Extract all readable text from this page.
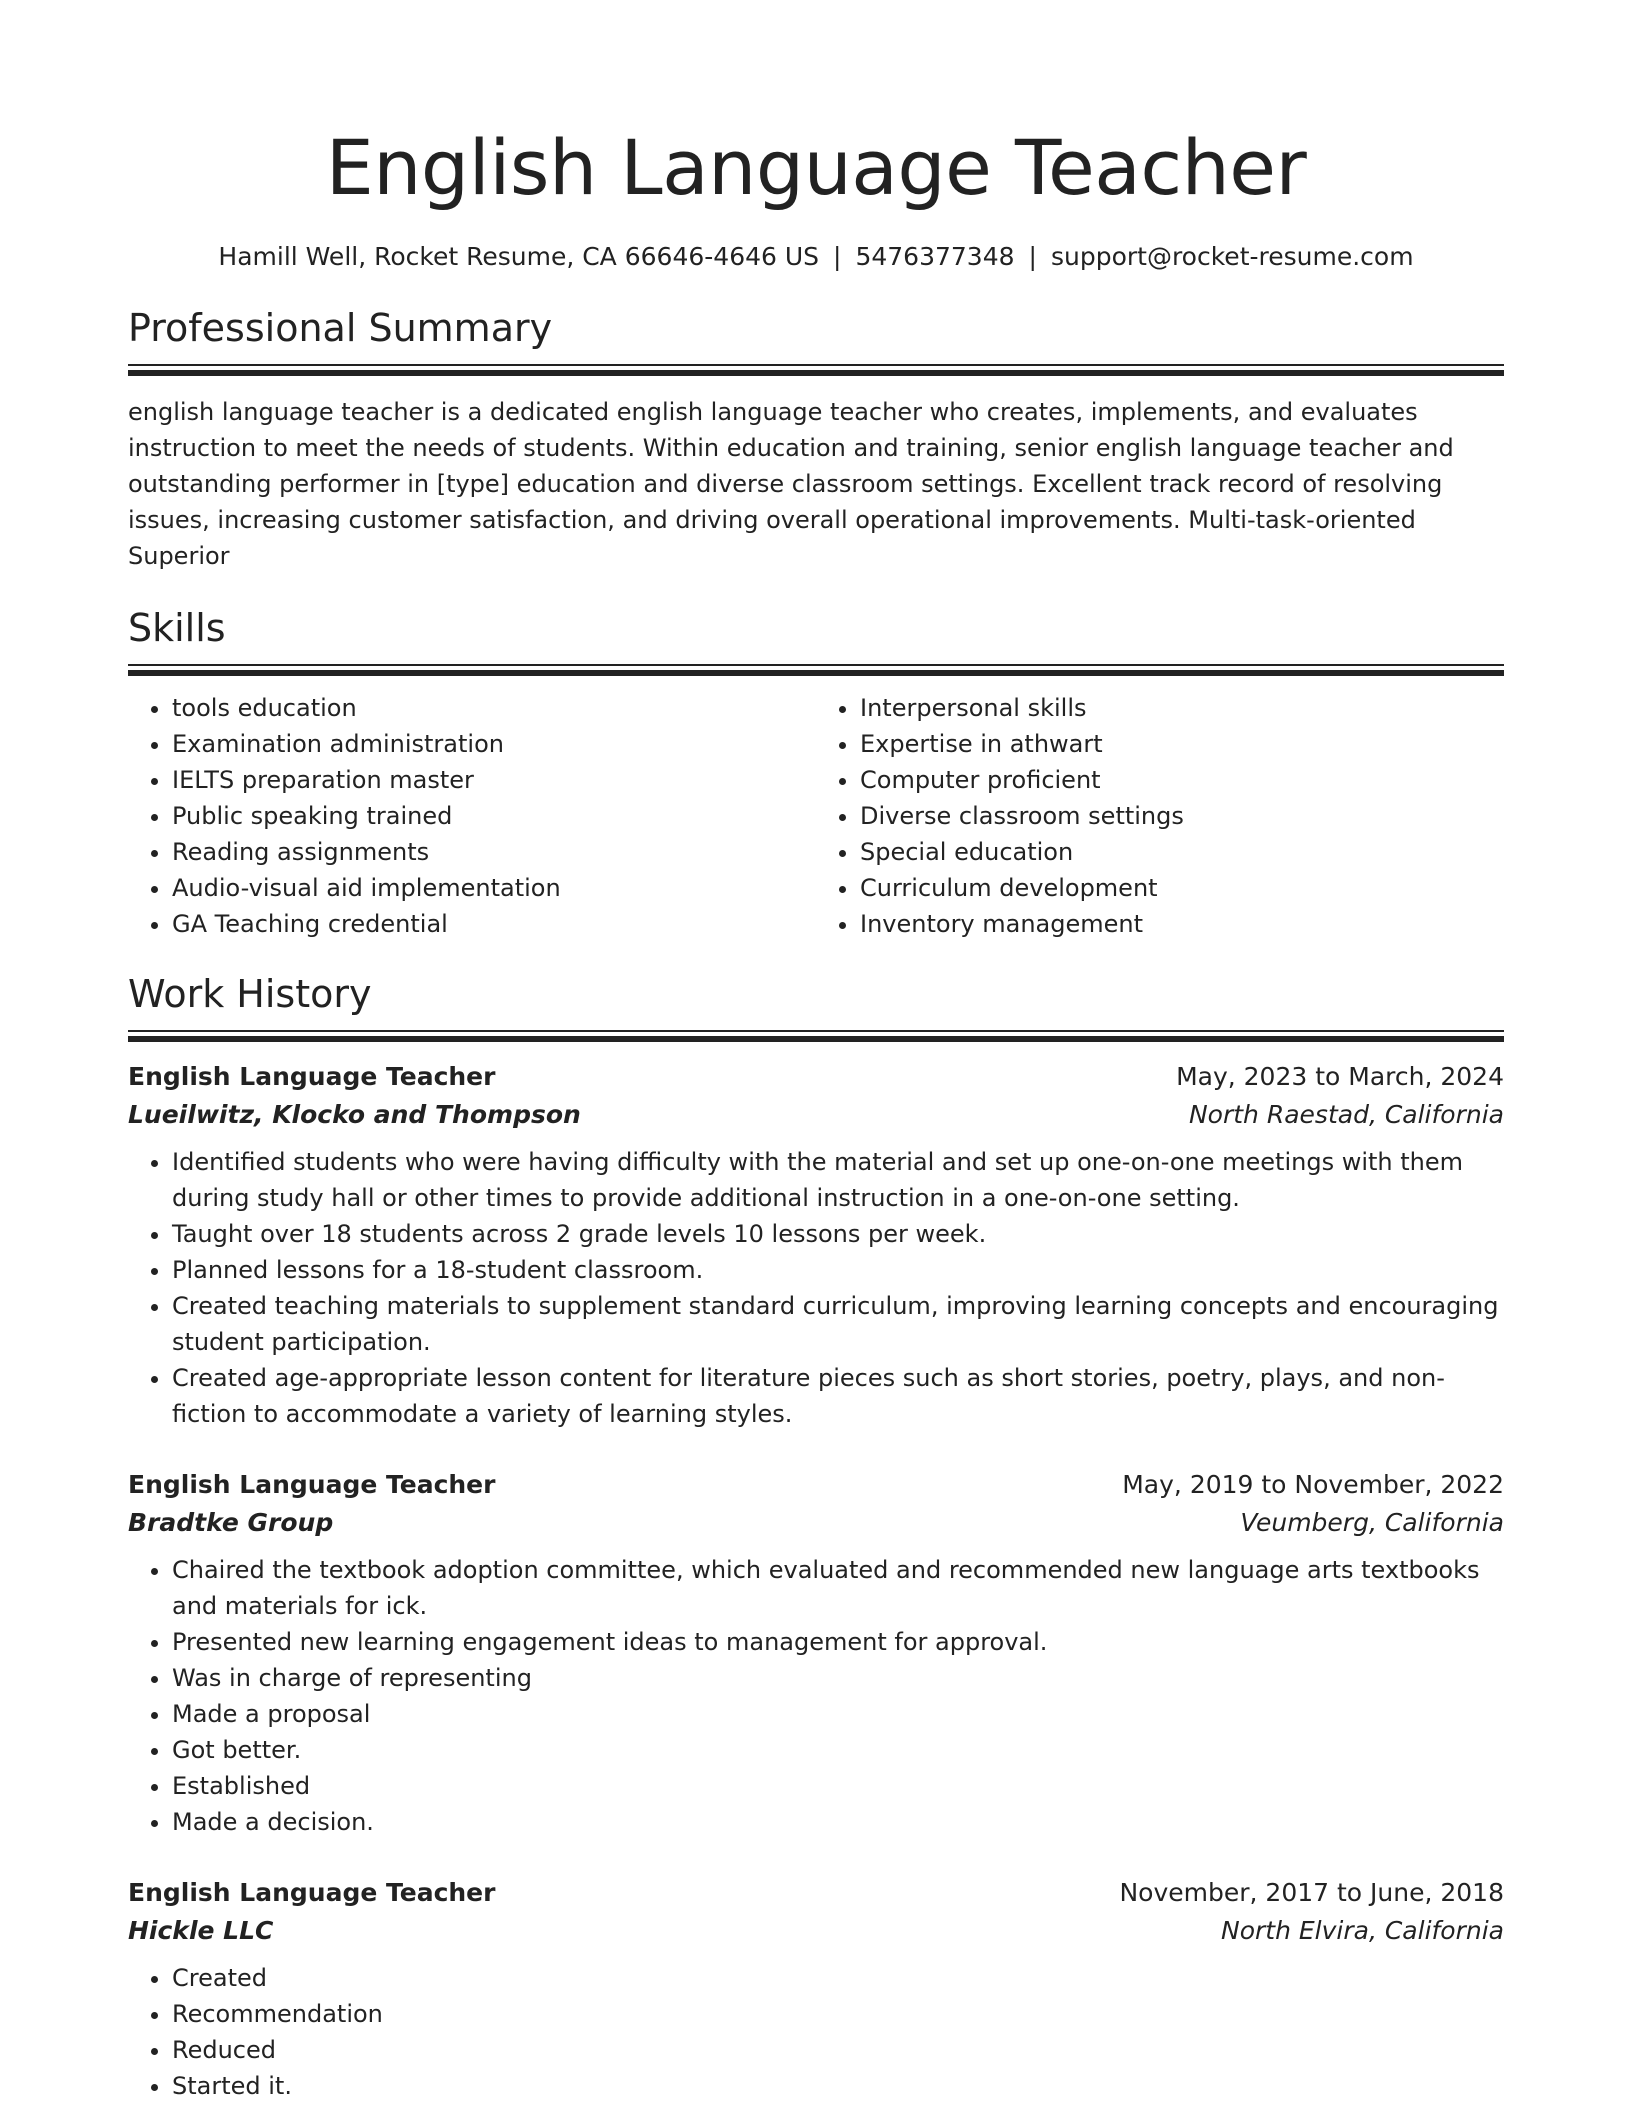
English Language Teacher
Hamill Well, Rocket Resume, CA 66646-4646 US | 5476377348 | support@rocket-resume.com
Professional Summary
english language teacher is a dedicated english language teacher who creates, implements, and evaluates instruction to meet the needs of students. Within education and training, senior english language teacher and outstanding performer in [type] education and diverse classroom settings. Excellent track record of resolving issues, increasing customer satisfaction, and driving overall operational improvements. Multi-task-oriented Superior
Skills
• tools education
• Examination administration
• IELTS preparation master
• Public speaking trained
• Reading assignments
• Audio-visual aid implementation
• GA Teaching credential
• Interpersonal skills
• Expertise in athwart
• Computer proficient
• Diverse classroom settings
• Special education
• Curriculum development
• Inventory management
Work History
English Language Teacher	May, 2023 to March, 2024
Lueilwitz, Klocko and Thompson	North Raestad, California
• Identified students who were having difficulty with the material and set up one-on-one meetings with them during study hall or other times to provide additional instruction in a one-on-one setting.
• Taught over 18 students across 2 grade levels 10 lessons per week.
• Planned lessons for a 18-student classroom.
• Created teaching materials to supplement standard curriculum, improving learning concepts and encouraging student participation.
• Created age-appropriate lesson content for literature pieces such as short stories, poetry, plays, and non-fiction to accommodate a variety of learning styles.
English Language Teacher	May, 2019 to November, 2022
Bradtke Group	Veumberg, California
• Chaired the textbook adoption committee, which evaluated and recommended new language arts textbooks and materials for ick.
• Presented new learning engagement ideas to management for approval.
• Was in charge of representing
• Made a proposal
• Got better.
• Established
• Made a decision.
English Language Teacher	November, 2017 to June, 2018
Hickle LLC	North Elvira, California
• Created
• Recommendation
• Reduced
• Started it.
